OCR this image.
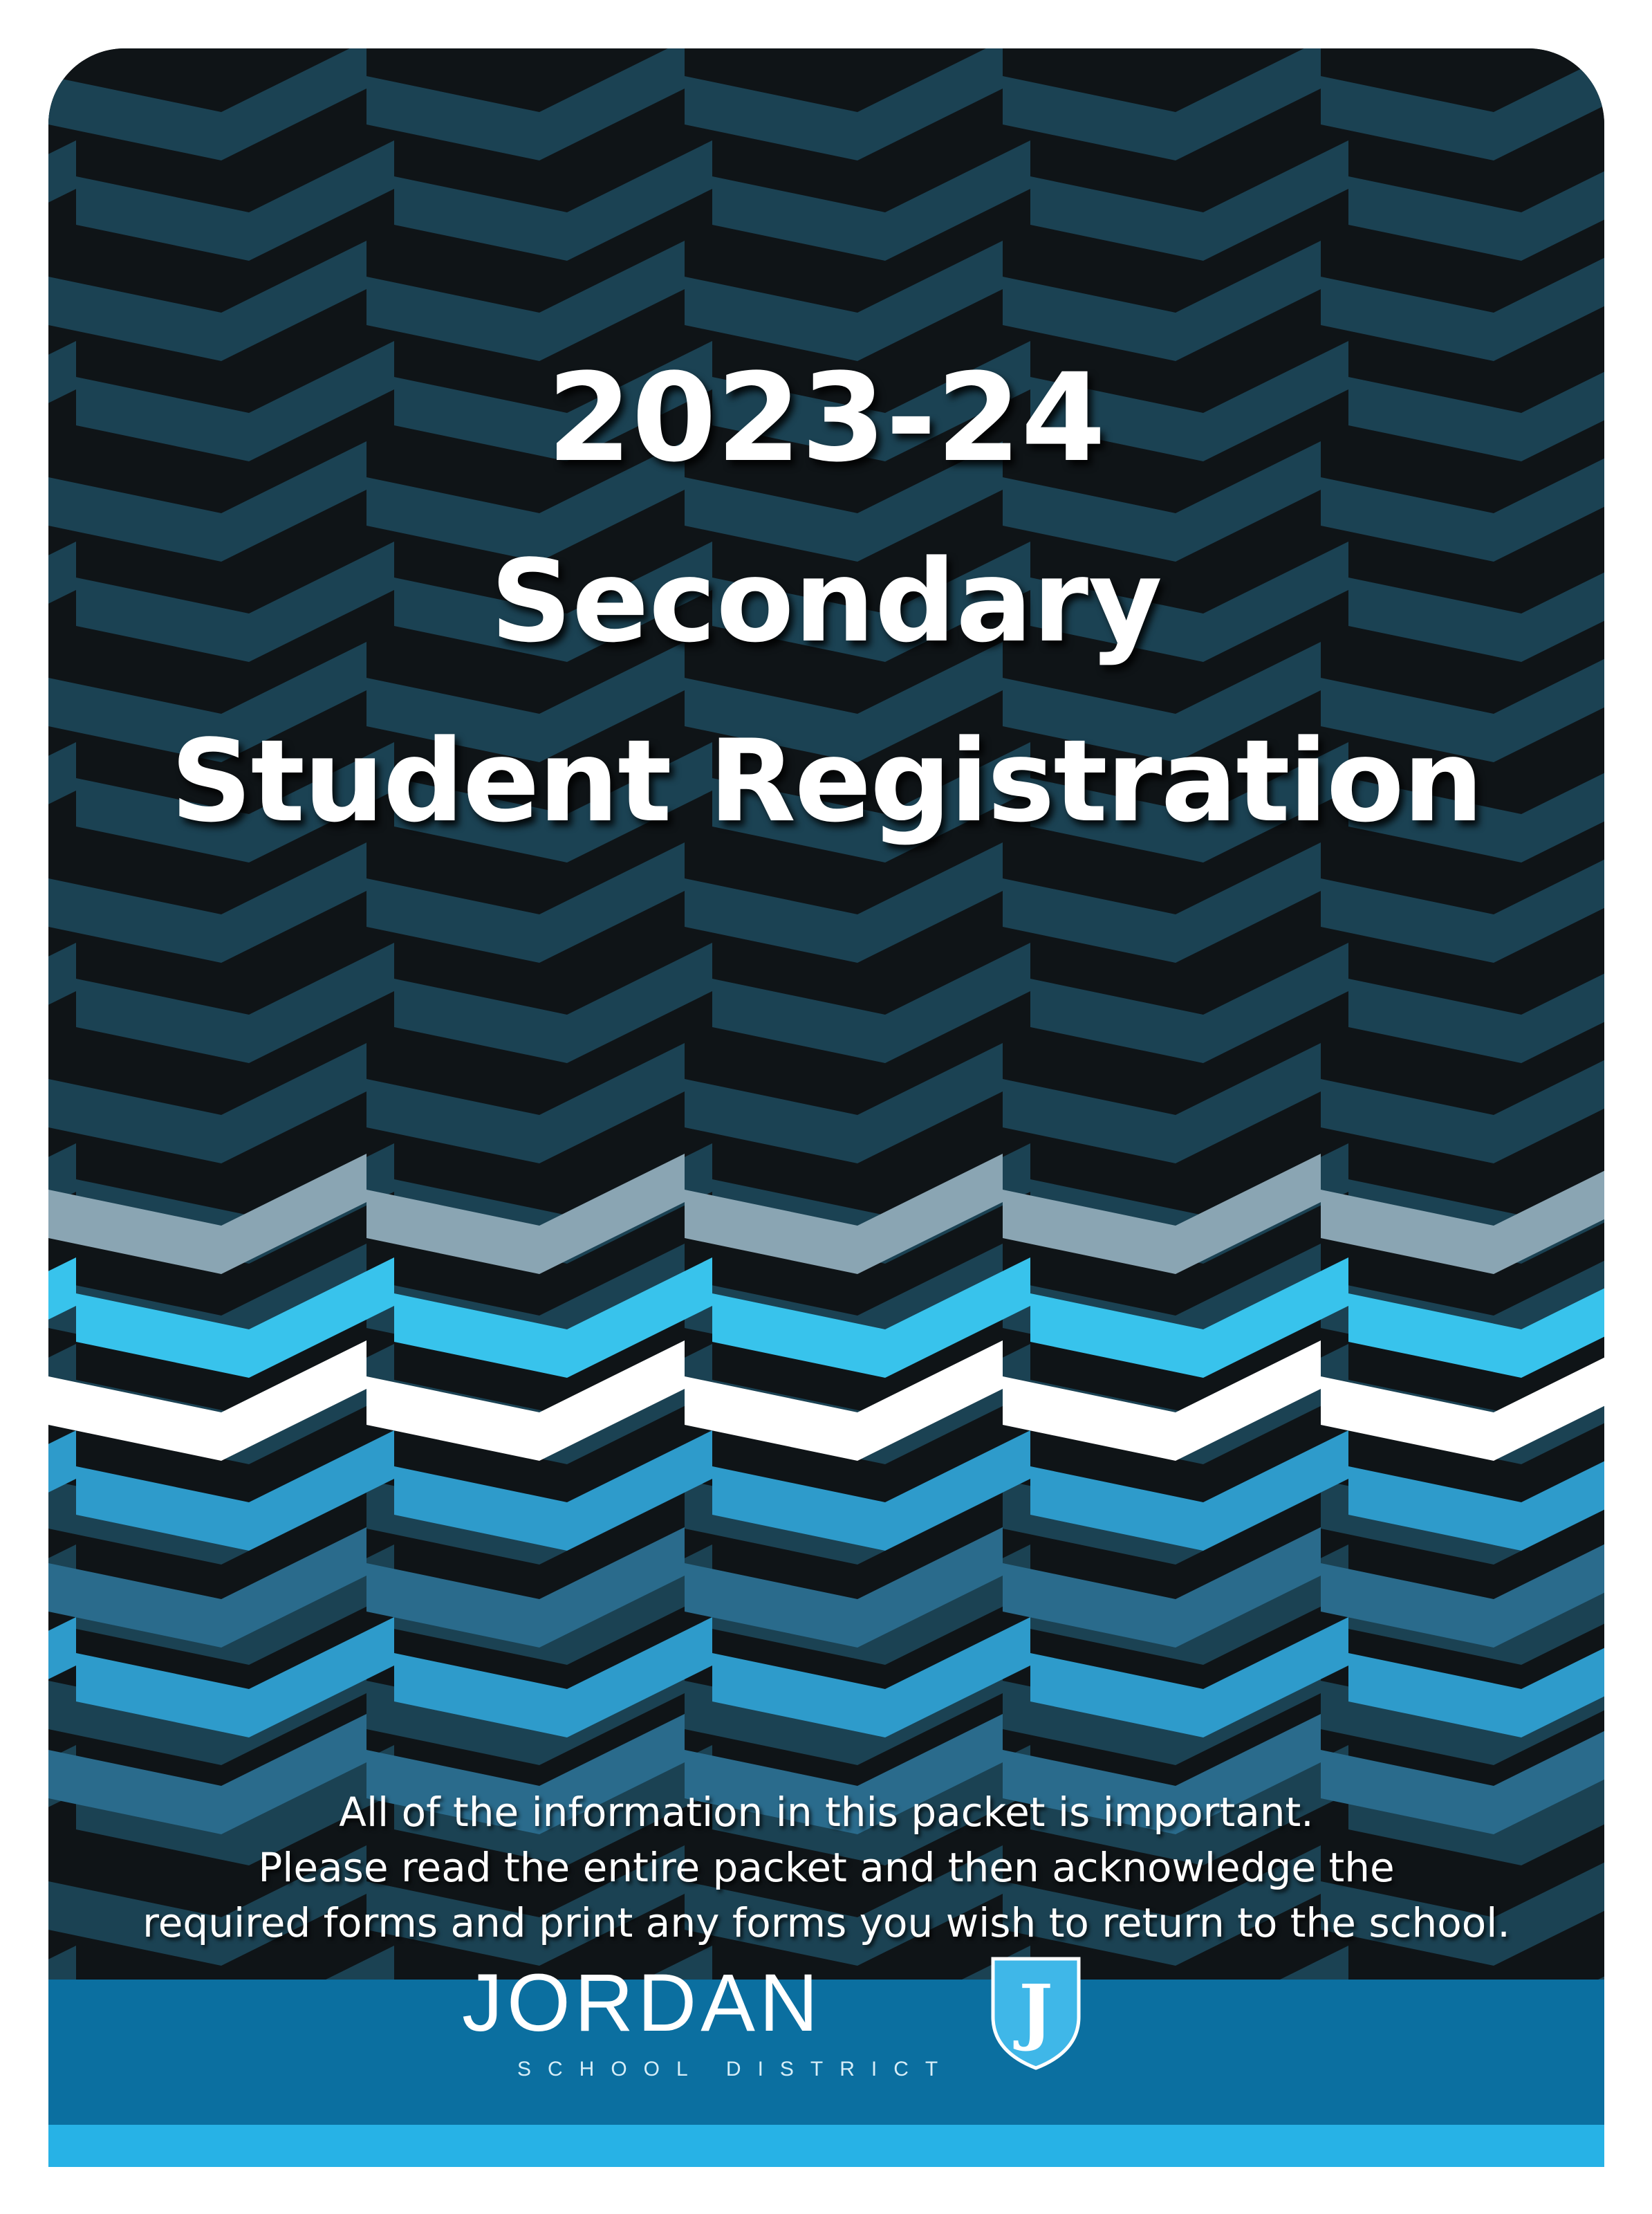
2023-24
Secondary
Student Registration
All of the information in this packet is important.
Please read the entire packet and then acknowledge the
required forms and print any forms you wish to return to the school.
JORDAN
SCHOOL DISTRICT
J
